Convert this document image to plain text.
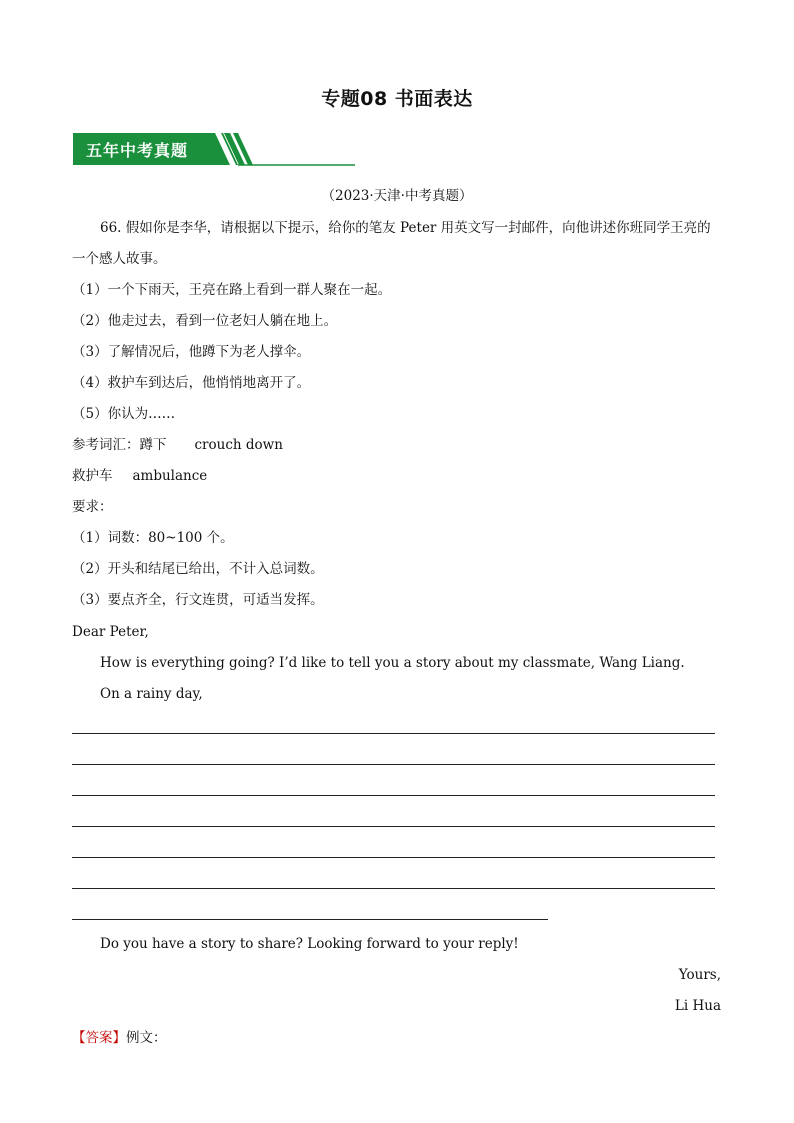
专题08 书面表达
五年中考真题
（2023·天津·中考真题）
66. 假如你是李华，请根据以下提示，给你的笔友 Peter 用英文写一封邮件，向他讲述你班同学王亮的
一个感人故事。
（1）一个下雨天，王亮在路上看到一群人聚在一起。
（2）他走过去，看到一位老妇人躺在地上。
（3）了解情况后，他蹲下为老人撑伞。
（4）救护车到达后，他悄悄地离开了。
（5）你认为……
参考词汇：蹲下 crouch down
救护车 ambulance
要求：
（1）词数：80~100 个。
（2）开头和结尾已给出，不计入总词数。
（3）要点齐全，行文连贯，可适当发挥。
Dear Peter,
How is everything going? I’d like to tell you a story about my classmate, Wang Liang.
On a rainy day,
Do you have a story to share? Looking forward to your reply!
Yours,
Li Hua
【答案】例文：
